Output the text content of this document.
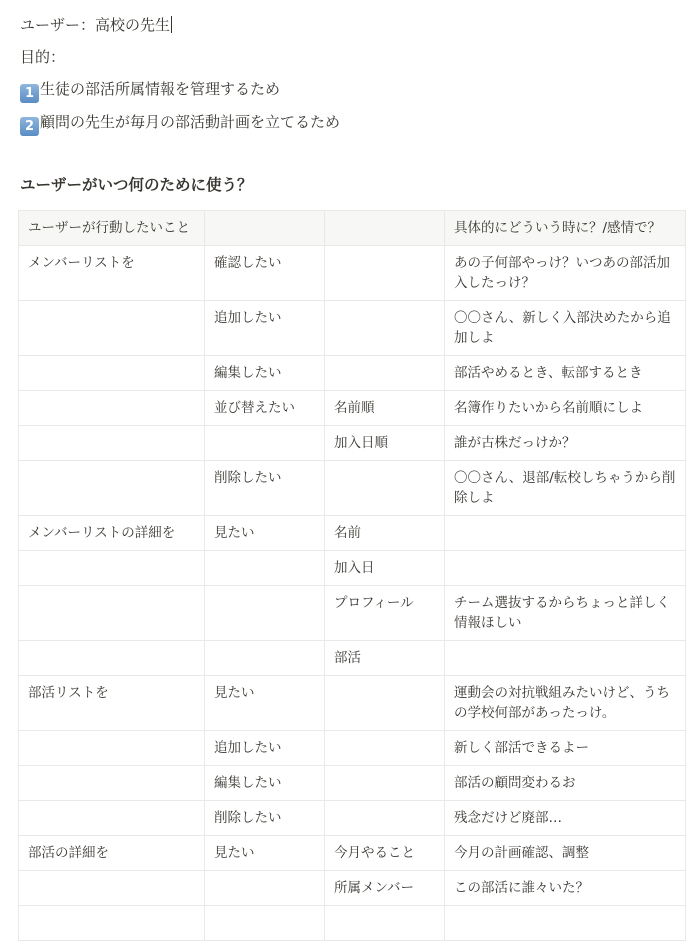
ユーザー：高校の先生
目的：
1 生徒の部活所属情報を管理するため
2 顧問の先生が毎月の部活動計画を立てるため
ユーザーがいつ何のために使う？
ユーザーが行動したいこと			具体的にどういう時に？/感情で？
メンバーリストを	確認したい		あの子何部やっけ？いつあの部活加入したっけ？
	追加したい		〇〇さん、新しく入部決めたから追加しよ
	編集したい		部活やめるとき、転部するとき
	並び替えたい	名前順	名簿作りたいから名前順にしよ
		加入日順	誰が古株だっけか？
	削除したい		〇〇さん、退部/転校しちゃうから削除しよ
メンバーリストの詳細を	見たい	名前	
		加入日	
		プロフィール	チーム選抜するからちょっと詳しく情報ほしい
		部活	
部活リストを	見たい		運動会の対抗戦組みたいけど、うちの学校何部があったっけ。
	追加したい		新しく部活できるよー
	編集したい		部活の顧問変わるお
	削除したい		残念だけど廃部…
部活の詳細を	見たい	今月やること	今月の計画確認、調整
		所属メンバー	この部活に誰々いた？
